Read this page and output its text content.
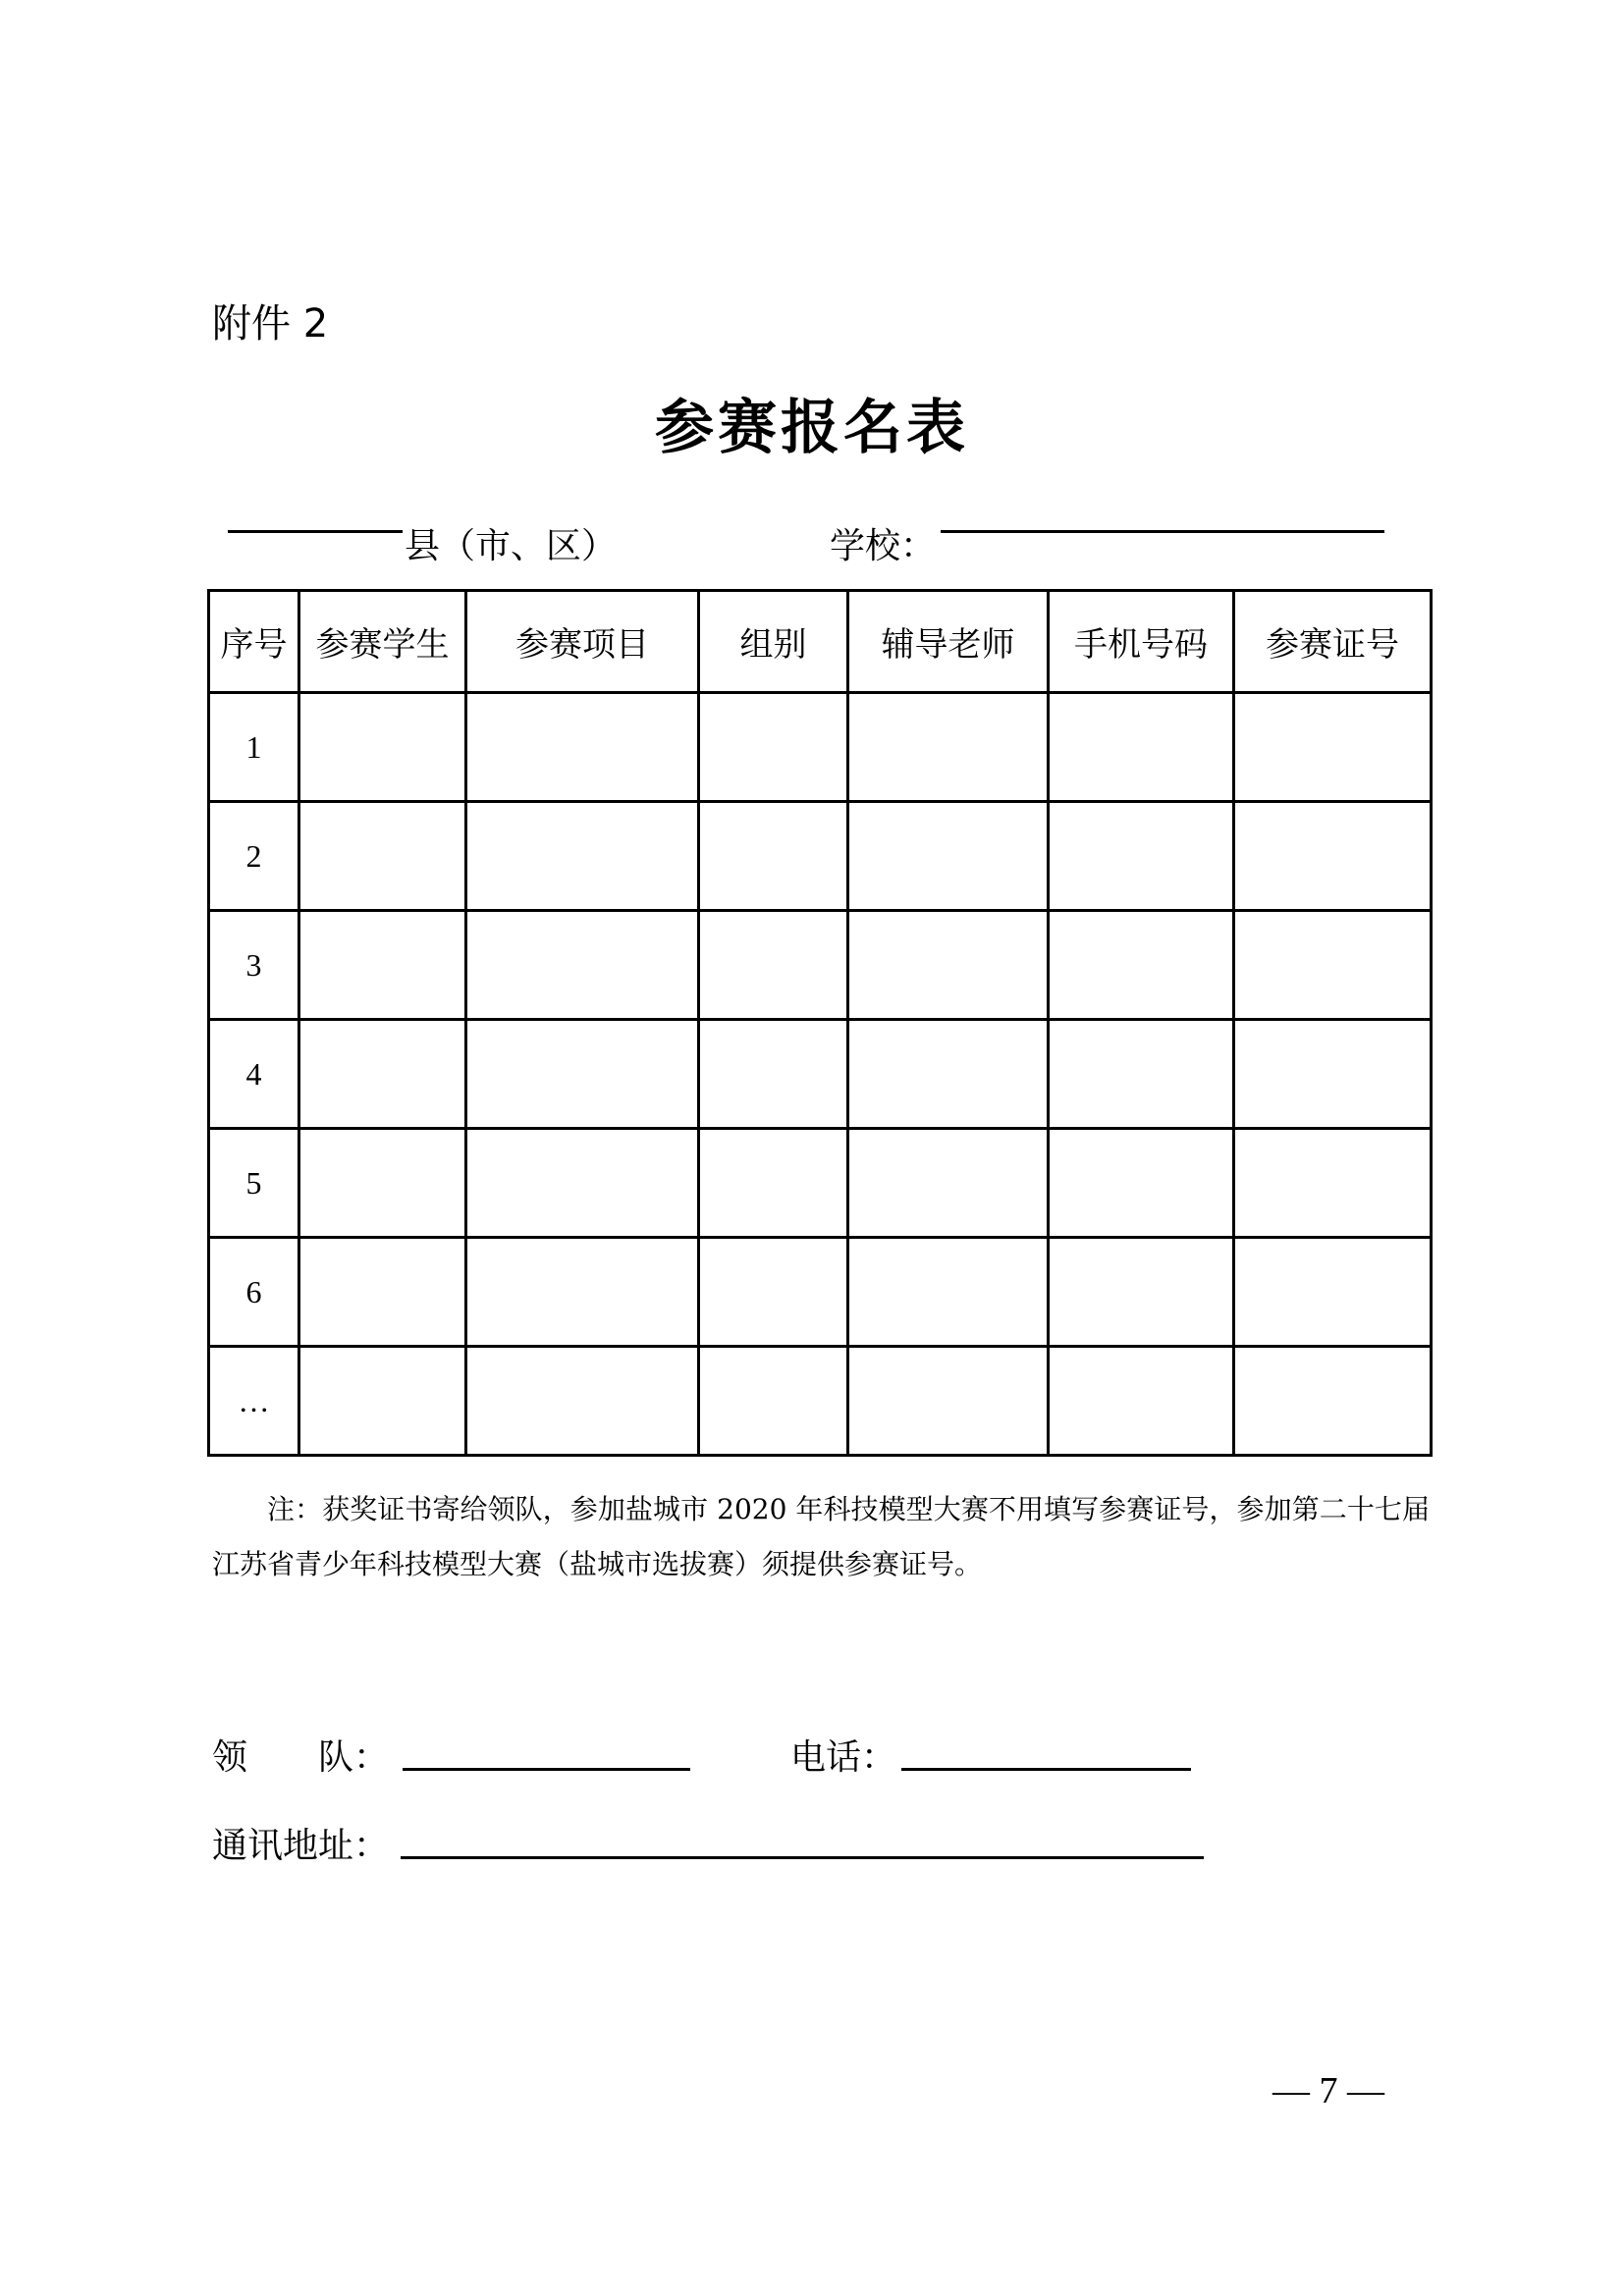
附件 2
参赛报名表
县（市、区）	学校：
序号	参赛学生	参赛项目	组别	辅导老师	手机号码	参赛证号
1						
2						
3						
4						
5						
6						
…						
注：获奖证书寄给领队，参加盐城市 2020 年科技模型大赛不用填写参赛证号，参加第二十七届江苏省青少年科技模型大赛（盐城市选拔赛）须提供参赛证号。
领　　队：	电话：
通讯地址：
— 7 —
